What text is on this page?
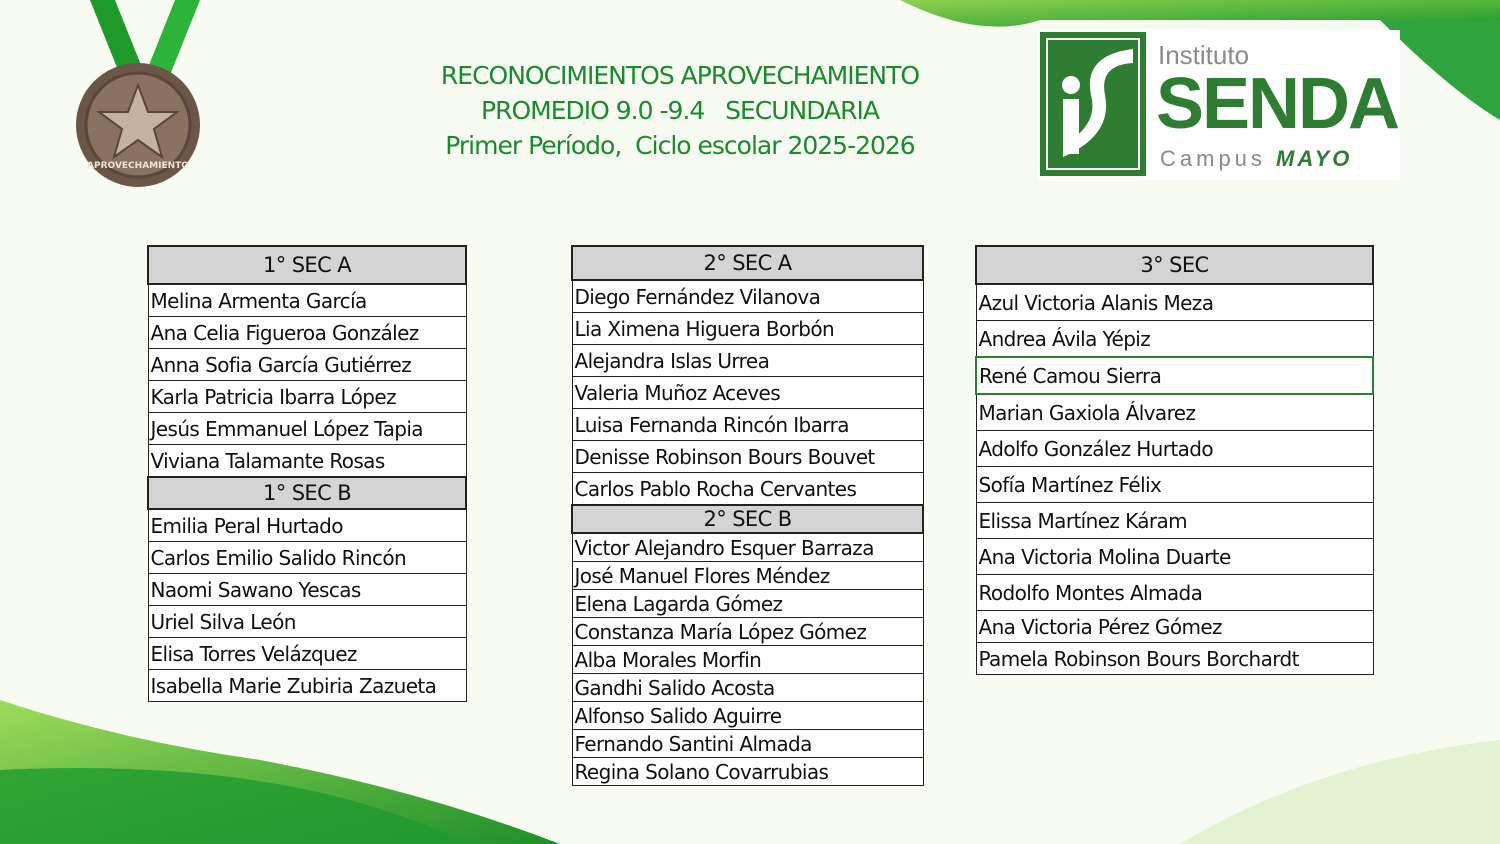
APROVECHAMIENTO
RECONOCIMIENTOS APROVECHAMIENTO
PROMEDIO 9.0 -9.4   SECUNDARIA
Primer Período,  Ciclo escolar 2025-2026
Instituto
SENDA
Campus MAYO
1° SEC A
Melina Armenta García
Ana Celia Figueroa González
Anna Sofia García Gutiérrez
Karla Patricia Ibarra López
Jesús Emmanuel López Tapia
Viviana Talamante Rosas
1° SEC B
Emilia Peral Hurtado
Carlos Emilio Salido Rincón
Naomi Sawano Yescas
Uriel Silva León
Elisa Torres Velázquez
Isabella Marie Zubiria Zazueta
2° SEC A
Diego Fernández Vilanova
Lia Ximena Higuera Borbón
Alejandra Islas Urrea
Valeria Muñoz Aceves
Luisa Fernanda Rincón Ibarra
Denisse Robinson Bours Bouvet
Carlos Pablo Rocha Cervantes
2° SEC B
Victor Alejandro Esquer Barraza
José Manuel Flores Méndez
Elena Lagarda Gómez
Constanza María López Gómez
Alba Morales Morfin
Gandhi Salido Acosta
Alfonso Salido Aguirre
Fernando Santini Almada
Regina Solano Covarrubias
3° SEC
Azul Victoria Alanis Meza
Andrea Ávila Yépiz
René Camou Sierra
Marian Gaxiola Álvarez
Adolfo González Hurtado
Sofía Martínez Félix
Elissa Martínez Káram
Ana Victoria Molina Duarte
Rodolfo Montes Almada
Ana Victoria Pérez Gómez
Pamela Robinson Bours Borchardt
